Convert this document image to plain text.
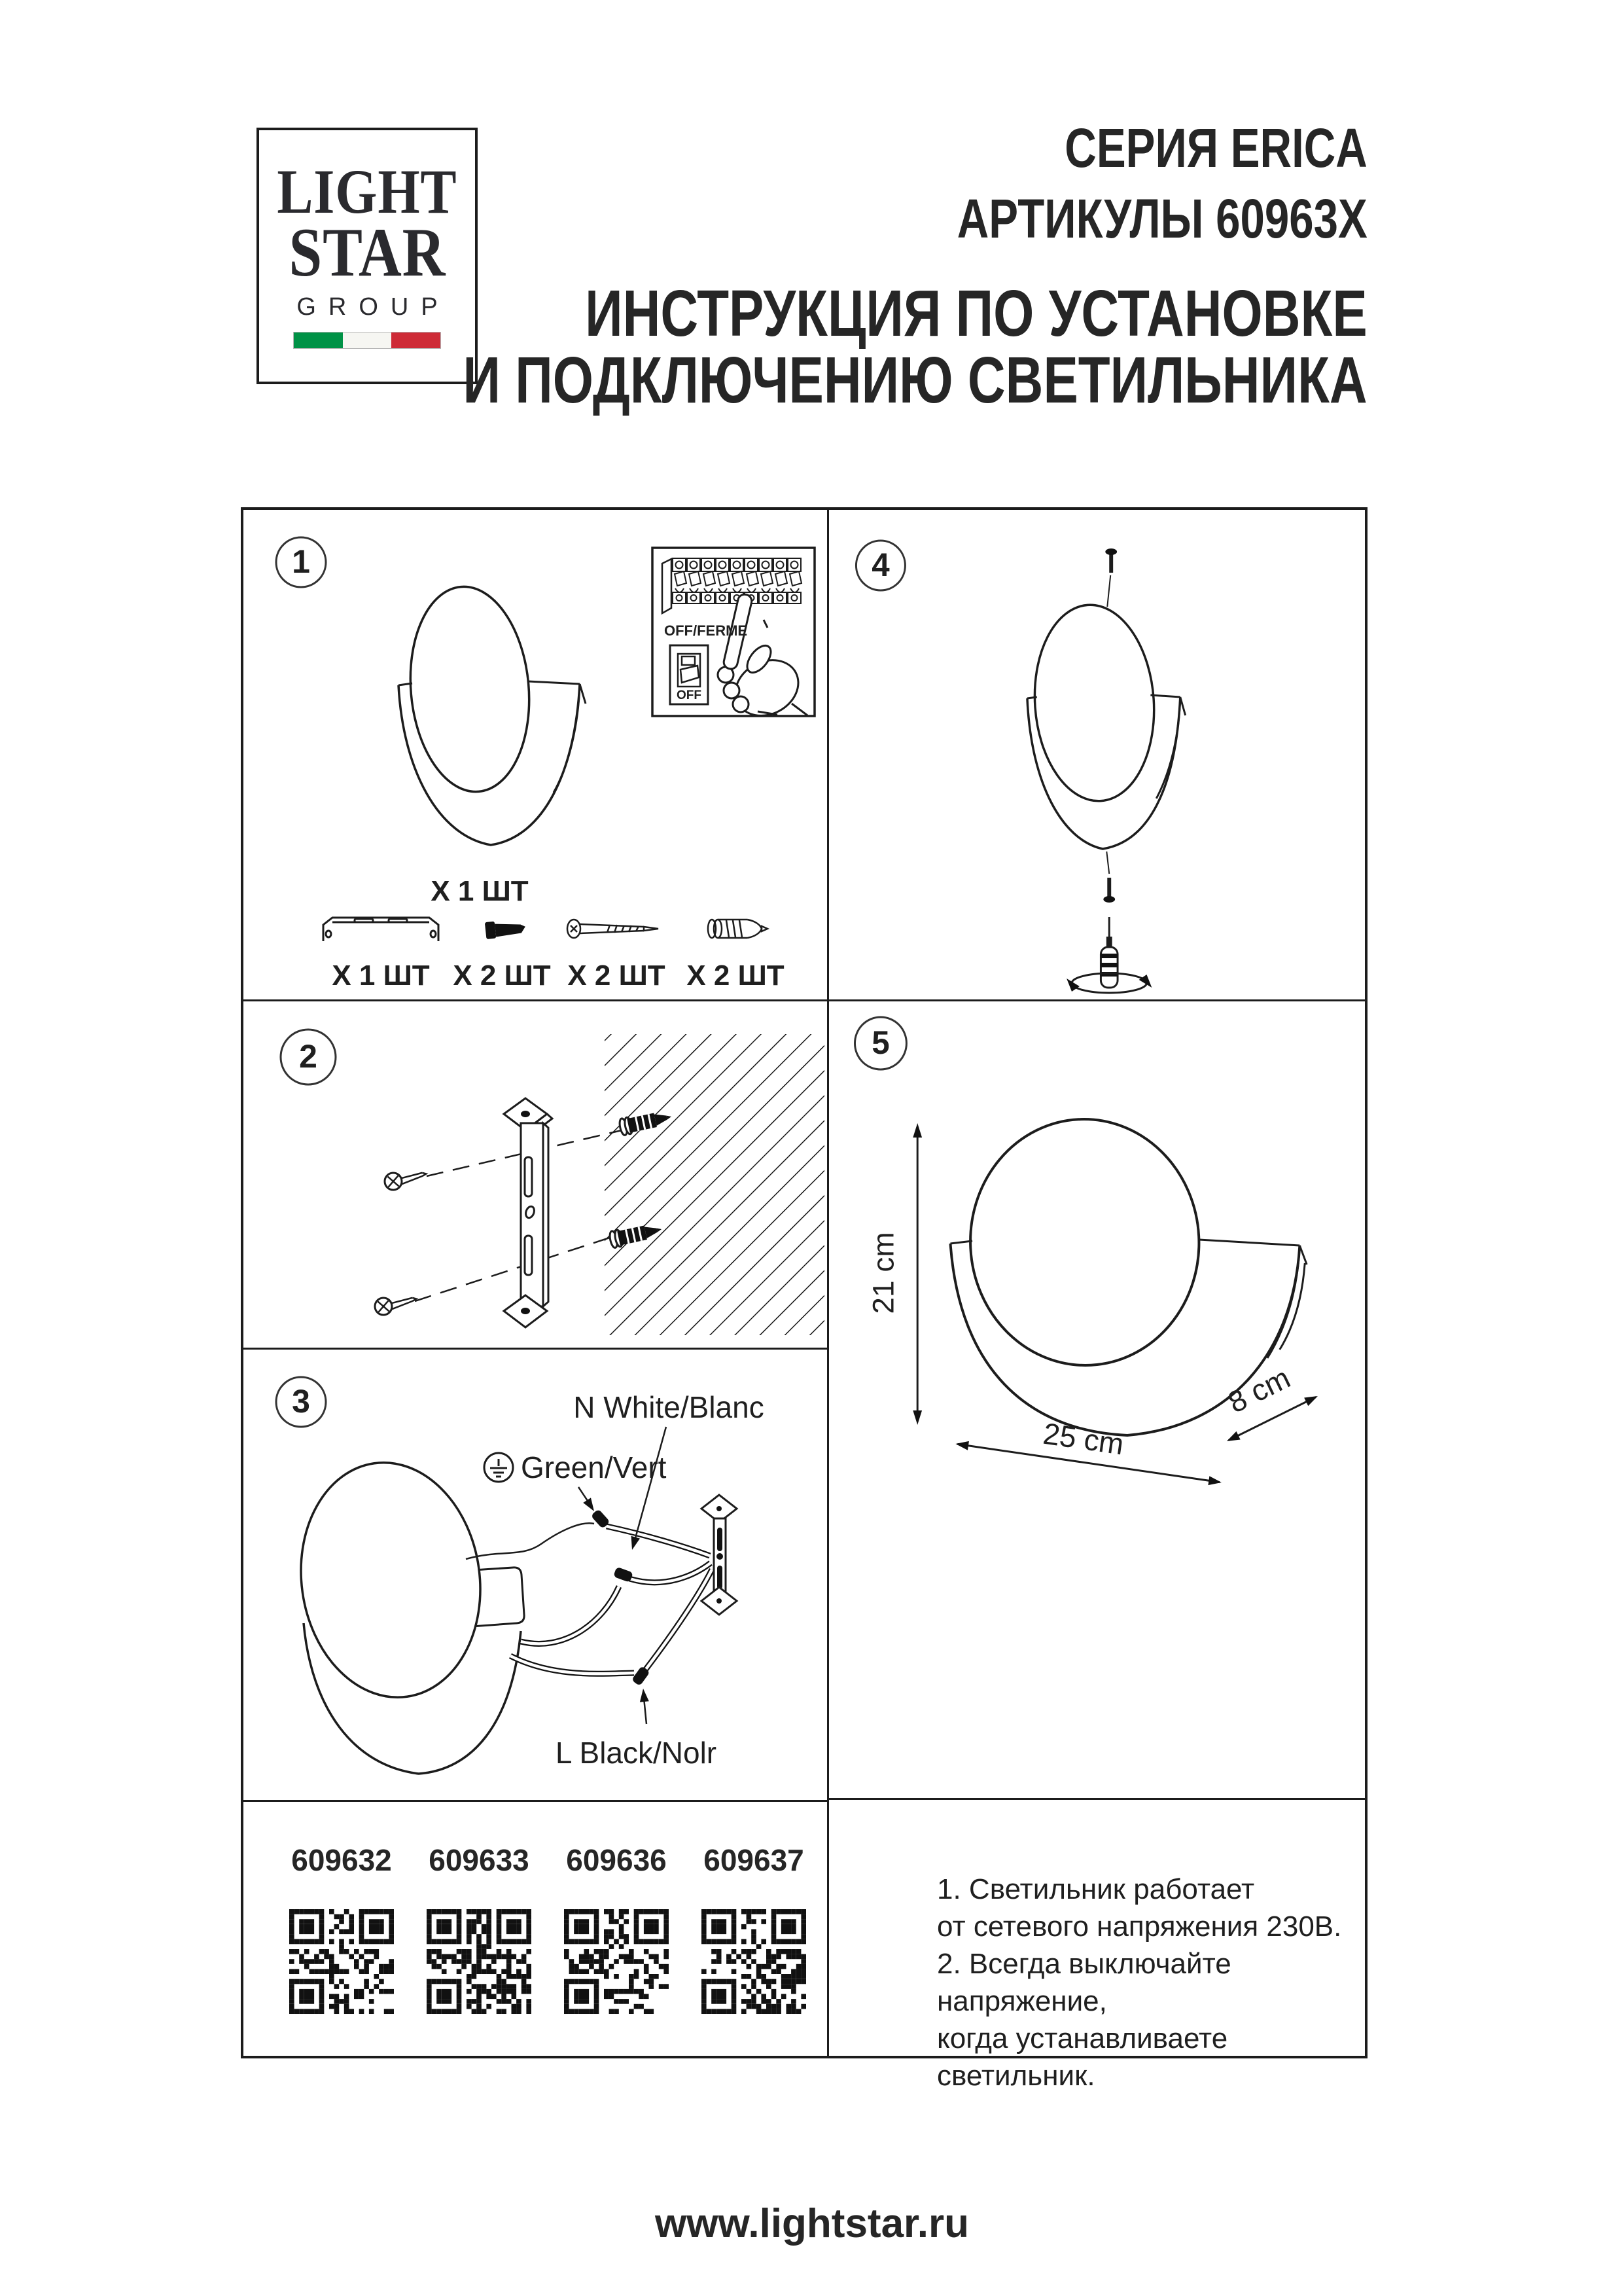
LIGHT
STAR
GROUP
СЕРИЯ ERICA
АРТИКУЛЫ 60963Х
ИНСТРУКЦИЯ ПО УСТАНОВКЕ
И ПОДКЛЮЧЕНИЮ СВЕТИЛЬНИКА
1
OFF/FERME
OFF
Х 1 ШТ
Х 1 ШТ Х 2 ШТ Х 2 ШТ Х 2 ШТ
2
3	N White/Blanc
Green/Vert
L Black/Nolr
609632 609633 609636 609637
4
5
21 cm
25 cm
8 cm
1. Светильник работает
от сетевого напряжения 230В.
2. Всегда выключайте напряжение,
когда устанавливаете светильник.
www.lightstar.ru
